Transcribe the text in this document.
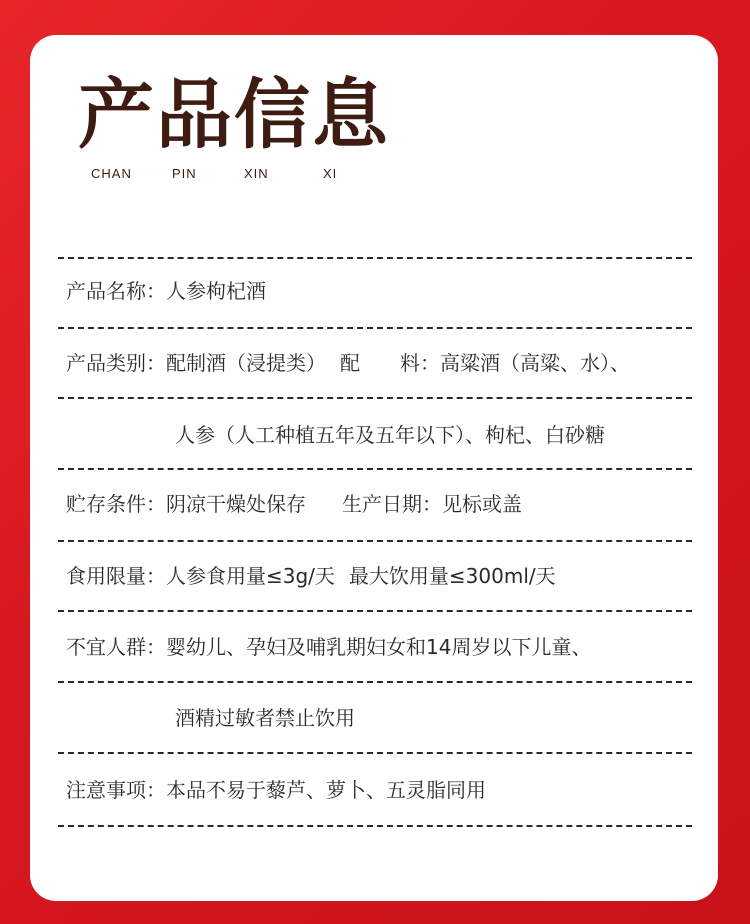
产品信息
CHAN	PIN	XIN	XI
产品名称：人参枸杞酒
产品类别：配制酒（浸提类） 配　　料：高粱酒（高粱、水）、
人参（人工种植五年及五年以下）、枸杞、白砂糖
贮存条件：阴凉干燥处保存 生产日期：见标或盖
食用限量：人参食用量≤3g/天 最大饮用量≤300ml/天
不宜人群：婴幼儿、孕妇及哺乳期妇女和14周岁以下儿童、
酒精过敏者禁止饮用
注意事项：本品不易于藜芦、萝卜、五灵脂同用
